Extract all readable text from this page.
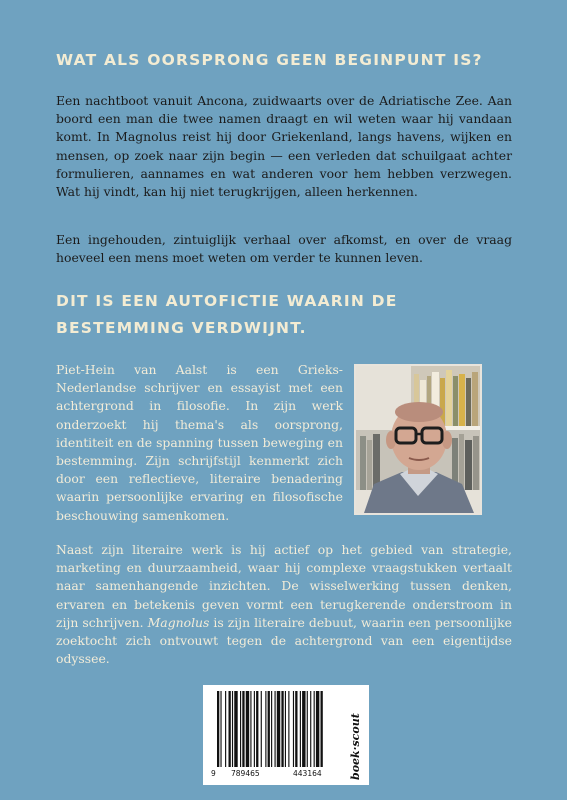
WAT ALS OORSPRONG GEEN BEGINPUNT IS?

Een nachtboot vanuit Ancona, zuidwaarts over de Adriatische Zee. Aan boord een man die twee namen draagt en wil weten waar hij vandaan komt. In Magnolus reist hij door Griekenland, langs havens, wijken en mensen, op zoek naar zijn begin — een verleden dat schuilgaat achter formulieren, aannames en wat anderen voor hem hebben verzwegen. Wat hij vindt, kan hij niet terugkrijgen, alleen herkennen.

Een ingehouden, zintuiglijk verhaal over afkomst, en over de vraag hoeveel een mens moet weten om verder te kunnen leven.

DIT IS EEN AUTOFICTIE WAARIN DE BESTEMMING VERDWIJNT.

Piet-Hein van Aalst is een Grieks-Nederlandse schrijver en essayist met een achtergrond in filosofie. In zijn werk onderzoekt hij thema's als oorsprong, identiteit en de spanning tussen beweging en bestemming. Zijn schrijfstijl kenmerkt zich door een reflectieve, literaire benadering waarin persoonlijke ervaring en filosofische beschouwing samenkomen.

Naast zijn literaire werk is hij actief op het gebied van strategie, marketing en duurzaamheid, waar hij complexe vraagstukken vertaalt naar samenhangende inzichten. De wisselwerking tussen denken, ervaren en betekenis geven vormt een terugkerende onderstroom in zijn schrijven. Magnolus is zijn literaire debuut, waarin een persoonlijke zoektocht zich ontvouwt tegen de achtergrond van een eigentijdse odyssee.

9 789465	443164 boek·scout
